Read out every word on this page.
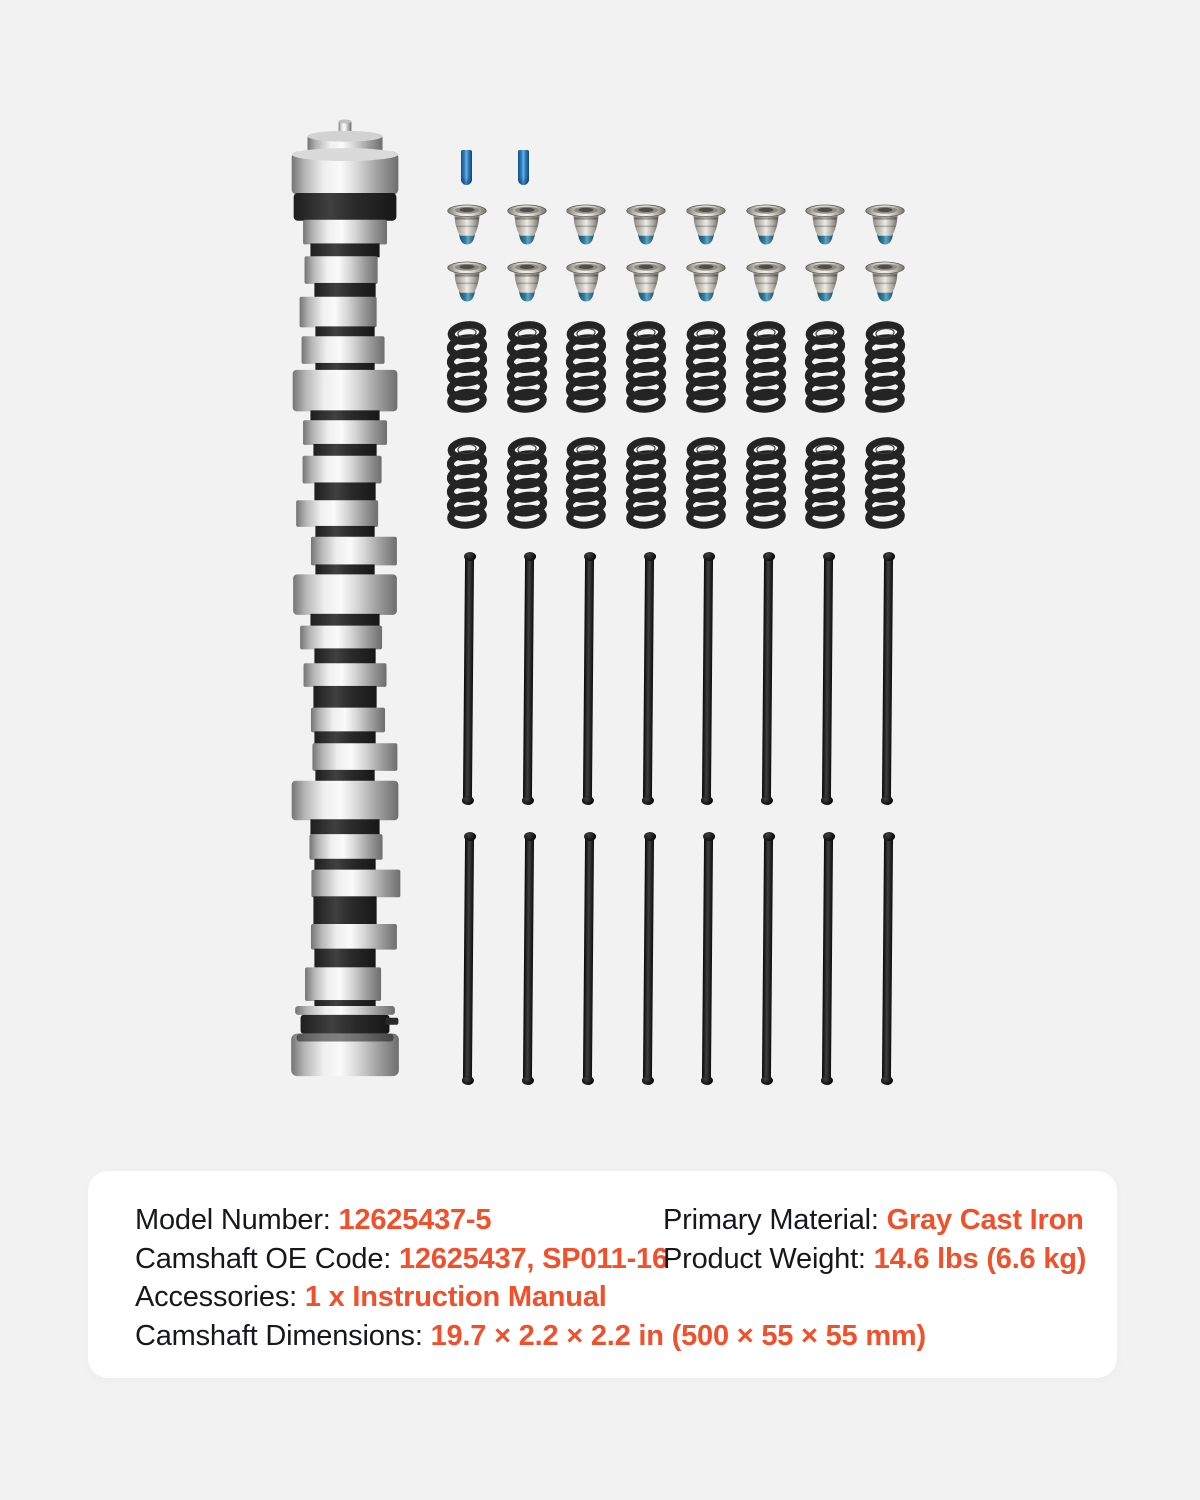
Model Number: 12625437-5
Camshaft OE Code: 12625437, SP011-16
Accessories: 1 x Instruction Manual
Camshaft Dimensions: 19.7 × 2.2 × 2.2 in (500 × 55 × 55 mm)
Primary Material: Gray Cast Iron
Product Weight: 14.6 lbs (6.6 kg)
